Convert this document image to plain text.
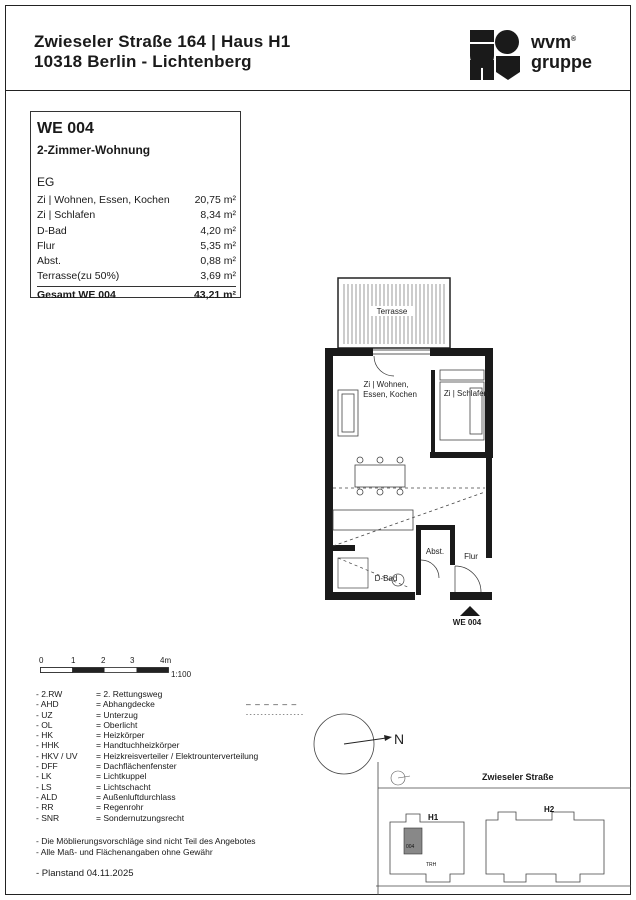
Zwieseler Straße 164 | Haus H1
10318 Berlin - Lichtenberg
wvm®
gruppe
WE 004
2-Zimmer-Wohnung
EG
Zi | Wohnen, Essen, Kochen 20,75 m²
Zi | Schlafen	8,34 m²
D-Bad	4,20 m²
Flur	5,35 m²
Abst.	0,88 m²
Terrasse(zu 50%)	3,69 m²
Gesamt WE 004	43,21 m²
Terrasse
Zi | Wohnen,
Essen, Kochen	Zi | Schlafen
Abst.
Flur
D-Bad
WE 004
0	1	2	3	4m
1:100
- 2.RW	= 2. Rettungsweg
- AHD	= Abhangdecke	– – – – – –
- UZ	= Unterzug	- - - - - - - - - - - - - - - -
- OL	= Oberlicht
- HK	= Heizkörper
- HHK	= Handtuchheizkörper
- HKV / UV	= Heizkreisverteiler / Elektrounterverteilung
- DFF	= Dachflächenfenster
- LK	= Lichtkuppel
- LS	= Lichtschacht
- ALD	= Außenluftdurchlass
- RR	= Regenrohr
- SNR	= Sondernutzungsrecht
N
Zwieseler Straße
004
H1
H2
TRH
- Die Möblierungsvorschläge sind nicht Teil des Angebotes
- Alle Maß- und Flächenangaben ohne Gewähr
- Planstand 04.11.2025
